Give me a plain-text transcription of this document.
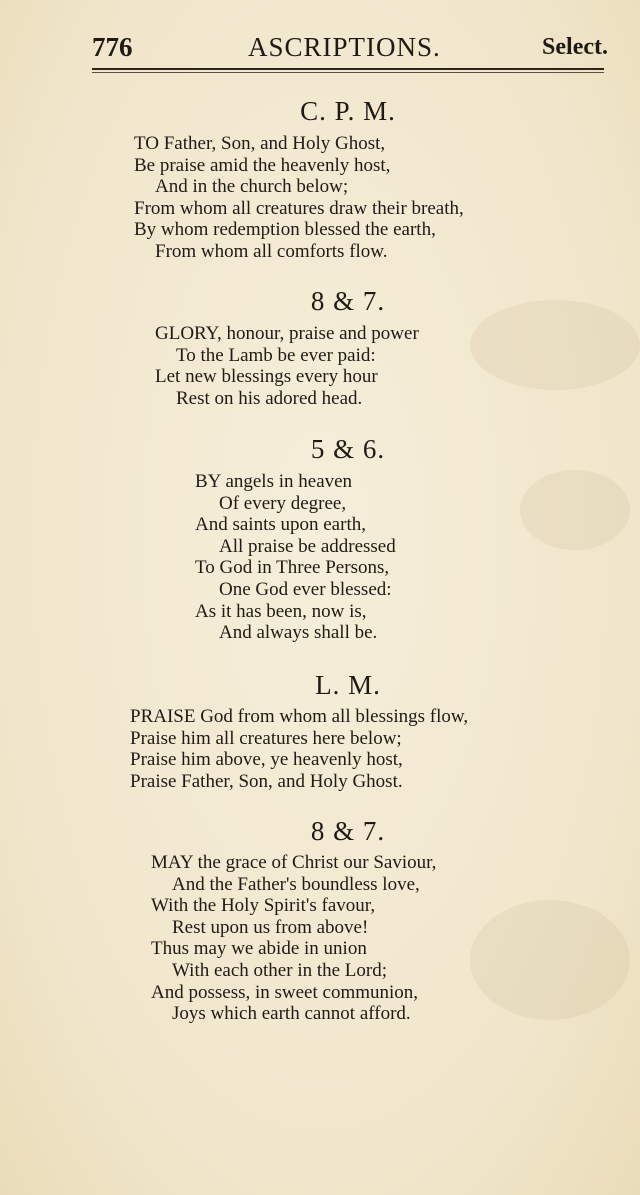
776	ASCRIPTIONS.	Select.
C. P. M.
TO Father, Son, and Holy Ghost,
Be praise amid the heavenly host,
And in the church below;
From whom all creatures draw their breath,
By whom redemption blessed the earth,
From whom all comforts flow.
8 & 7.
GLORY, honour, praise and power
To the Lamb be ever paid:
Let new blessings every hour
Rest on his adored head.
5 & 6.
BY angels in heaven
Of every degree,
And saints upon earth,
All praise be addressed
To God in Three Persons,
One God ever blessed:
As it has been, now is,
And always shall be.
L. M.
PRAISE God from whom all blessings flow,
Praise him all creatures here below;
Praise him above, ye heavenly host,
Praise Father, Son, and Holy Ghost.
8 & 7.
MAY the grace of Christ our Saviour,
And the Father's boundless love,
With the Holy Spirit's favour,
Rest upon us from above!
Thus may we abide in union
With each other in the Lord;
And possess, in sweet communion,
Joys which earth cannot afford.
